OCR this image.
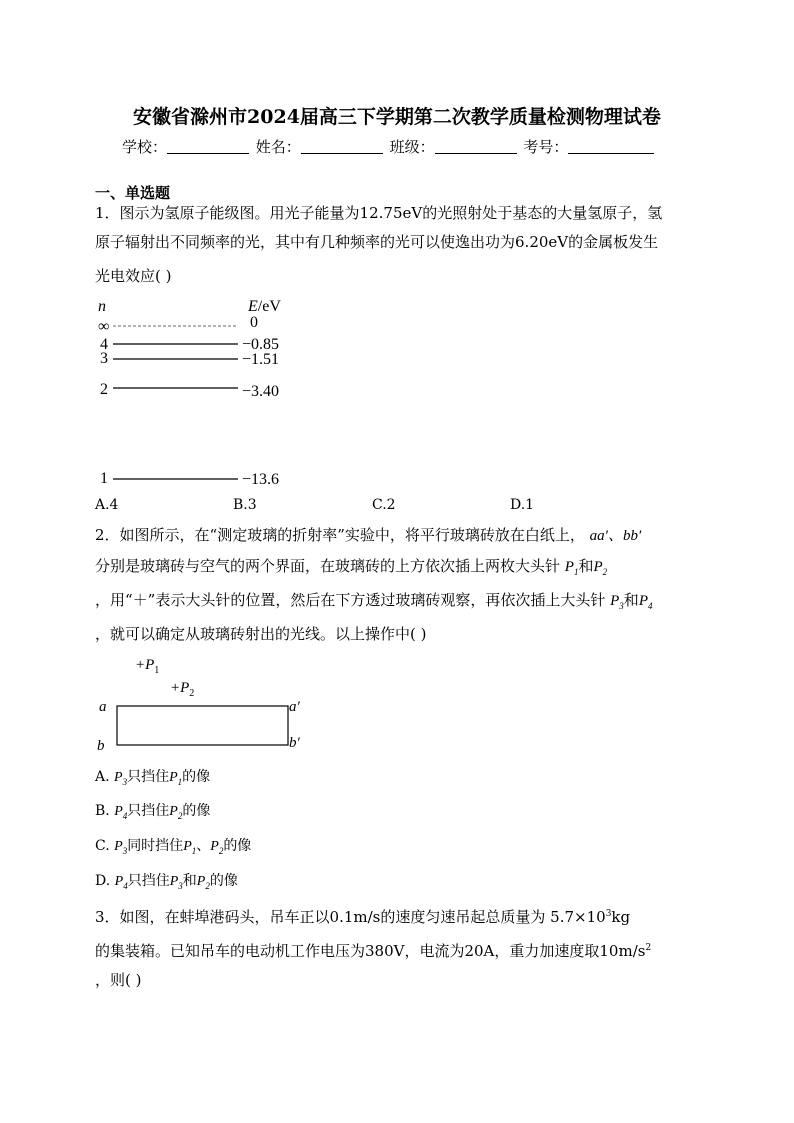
安徽省滁州市2024届高三下学期第二次教学质量检测物理试卷
学校：	姓名：	班级：	考号：
一、单选题
1．图示为氢原子能级图。用光子能量为12.75eV的光照射处于基态的大量氢原子，氢
原子辐射出不同频率的光，其中有几种频率的光可以使逸出功为6.20eV的金属板发生
光电效应( )
n	E/eV
∞	0
4	−0.85
3	−1.51
2	−3.40
1	−13.6
A.4	B.3	C.2	D.1
2．如图所示，在“测定玻璃的折射率”实验中，将平行玻璃砖放在白纸上， aa′、bb′
分别是玻璃砖与空气的两个界面，在玻璃砖的上方依次插上两枚大头针 $P_1$和$P_2$
，用“＋”表示大头针的位置，然后在下方透过玻璃砖观察，再依次插上大头针 $P_3$和$P_4$
，就可以确定从玻璃砖射出的光线。以上操作中( )
$+P_1$
$+P_2$
a	a′
b	b′
A. $P_3$只挡住$P_1$的像
B. $P_4$只挡住$P_2$的像
C. $P_3$同时挡住$P_1$、$P_2$的像
D. $P_4$只挡住$P_3$和$P_2$的像
3．如图，在蚌埠港码头，吊车正以0.1m/s的速度匀速吊起总质量为 $5.7\times 10^3kg$
的集装箱。已知吊车的电动机工作电压为380V，电流为20A，重力加速度取$10m/s^2$
，则( )
